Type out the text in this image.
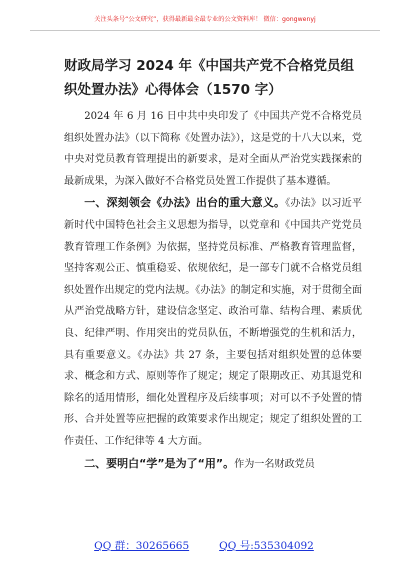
关注头条号“公文研究”，获得最新最全最专业的公文资料库！ 微信：gongwenyj
财政局学习 2024 年《中国共产党不合格党员组织处置办法》心得体会（1570 字）

2024 年 6 月 16 日中共中央印发了《中国共产党不合格党员组织处置办法》（以下简称《处置办法》），这是党的十八大以来，党中央对党员教育管理提出的新要求，是对全面从严治党实践探索的最新成果，为深入做好不合格党员处置工作提供了基本遵循。

一、深刻领会《办法》出台的重大意义。《办法》以习近平新时代中国特色社会主义思想为指导，以党章和《中国共产党党员教育管理工作条例》为依据，坚持党员标准、严格教育管理监督，坚持客观公正、慎重稳妥、依规依纪，是一部专门就不合格党员组织处置作出规定的党内法规。《办法》的制定和实施，对于贯彻全面从严治党战略方针，建设信念坚定、政治可靠、结构合理、素质优良、纪律严明、作用突出的党员队伍，不断增强党的生机和活力，具有重要意义。《办法》共 27 条，主要包括对组织处置的总体要求、概念和方式、原则等作了规定；规定了限期改正、劝其退党和除名的适用情形，细化处置程序及后续事项；对可以不予处置的情形、合并处置等应把握的政策要求作出规定；规定了组织处置的工作责任、工作纪律等 4 大方面。

二、要明白“学”是为了“用”。作为一名财政党员

QQ 群：30265665	QQ 号:535304092
